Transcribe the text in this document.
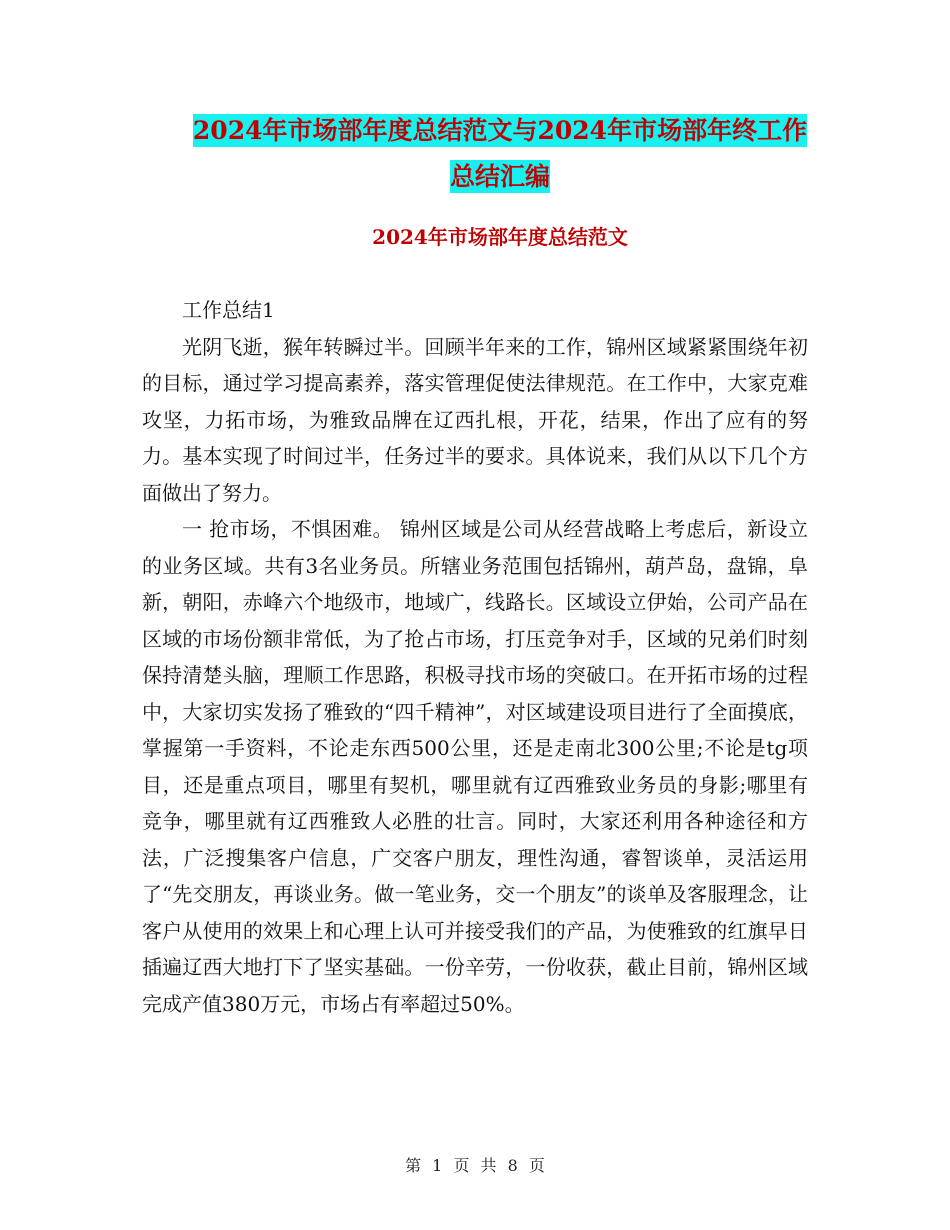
2024年市场部年度总结范文与2024年市场部年终工作
总结汇编
2024年市场部年度总结范文

工作总结1

光阴飞逝，猴年转瞬过半。回顾半年来的工作，锦州区域紧紧围绕年初的目标，通过学习提高素养，落实管理促使法律规范。在工作中，大家克难攻坚，力拓市场，为雅致品牌在辽西扎根，开花，结果，作出了应有的努力。基本实现了时间过半，任务过半的要求。具体说来，我们从以下几个方面做出了努力。

一 抢市场，不惧困难。 锦州区域是公司从经营战略上考虑后，新设立的业务区域。共有3名业务员。所辖业务范围包括锦州，葫芦岛，盘锦，阜新，朝阳，赤峰六个地级市，地域广，线路长。区域设立伊始，公司产品在区域的市场份额非常低，为了抢占市场，打压竞争对手，区域的兄弟们时刻保持清楚头脑，理顺工作思路，积极寻找市场的突破口。在开拓市场的过程中，大家切实发扬了雅致的“四千精神”，对区域建设项目进行了全面摸底，掌握第一手资料，不论走东西500公里，还是走南北300公里;不论是tg项目，还是重点项目，哪里有契机，哪里就有辽西雅致业务员的身影;哪里有竞争，哪里就有辽西雅致人必胜的壮言。同时，大家还利用各种途径和方法，广泛搜集客户信息，广交客户朋友，理性沟通，睿智谈单，灵活运用了“先交朋友，再谈业务。做一笔业务，交一个朋友”的谈单及客服理念，让客户从使用的效果上和心理上认可并接受我们的产品，为使雅致的红旗早日插遍辽西大地打下了坚实基础。一份辛劳，一份收获，截止目前，锦州区域完成产值380万元，市场占有率超过50%。

第 1 页 共 8 页
